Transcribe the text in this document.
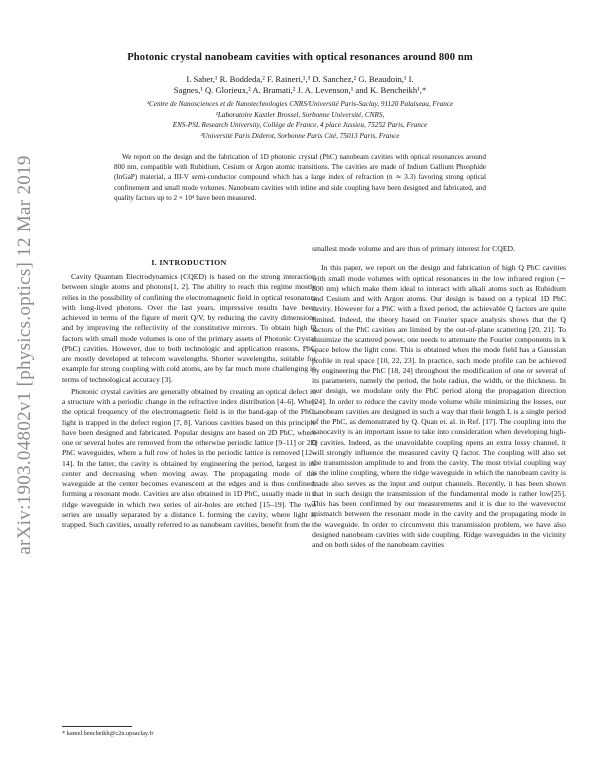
arXiv:1903.04802v1 [physics.optics] 12 Mar 2019
Photonic crystal nanobeam cavities with optical resonances around 800 nm
I. Saber,¹ R. Boddeda,² F. Raineri,¹,³ D. Sanchez,² G. Beaudoin,¹ I.
Sagnes,¹ Q. Glorieux,² A. Bramati,² J. A. Levenson,¹ and K. Bencheikh¹,*
¹Centre de Nanosciences et de Nanotechnologies CNRS/Université Paris-Saclay, 91120 Palaiseau, France
²Laboratoire Kastler Brossel, Sorbonne Université, CNRS,
ENS-PSL Research University, Collège de France, 4 place Jussieu, 75252 Paris, France
³Université Paris Diderot, Sorbonne Paris Cité, 75013 Paris, France

We report on the design and the fabrication of 1D photonic crystal (PhC) nanobeam cavities with optical resonances around 800 nm, compatible with Rubidium, Cesium or Argon atomic transitions. The cavities are made of Indium Gallium Phosphide (InGaP) material, a III-V semi-conductor compound which has a large index of refraction (n ≃ 3.3) favoring strong optical confinement and small mode volumes. Nanobeam cavities with inline and side coupling have been designed and fabricated, and quality factors up to 2 × 10⁴ have been measured.

I. INTRODUCTION

Cavity Quantum Electrodynamics (CQED) is based on the strong interaction between single atoms and photons[1, 2]. The ability to reach this regime mostly relies in the possibility of confining the electromagnetic field in optical resonators with long-lived photons. Over the last years, impressive results have been achieved in terms of the figure of merit Q/V, by reducing the cavity dimensions and by improving the reflectivity of the constitutive mirrors. To obtain high Q factors with small mode volumes is one of the primary assets of Photonic Crystal (PhC) cavities. However, due to both technologic and application reasons, PhC are mostly developed at telecom wavelengths. Shorter wavelengths, suitable for example for strong coupling with cold atoms, are by far much more challenging in terms of technological accuracy [3].

Photonic crystal cavities are generally obtained by creating an optical defect in a structure with a periodic change in the refractive index distribution [4–6]. When the optical frequency of the electromagnetic field is in the band-gap of the PhC, light is trapped in the defect region [7, 8]. Various cavities based on this principle have been designed and fabricated. Popular designs are based on 2D PhC, where one or several holes are removed from the otherwise periodic lattice [9–11] or 2D PhC waveguides, where a full row of holes in the periodic lattice is removed [12–14]. In the latter, the cavity is obtained by engineering the period, largest in its center and decreasing when moving away. The propagating mode of the waveguide at the center becomes evanescent at the edges and is thus confined, forming a resonant mode. Cavities are also obtained in 1D PhC, usually made in a ridge waveguide in which two series of air-holes are etched [15–19]. The two series are usually separated by a distance L forming the cavity, where light is trapped. Such cavities, usually referred to as nanobeam cavities, benefit from the

* kamel.bencheikh@c2n.upsaclay.fr

smallest mode volume and are thus of primary interest for CQED.

In this paper, we report on the design and fabrication of high Q PhC cavities with small mode volumes with optical resonances in the low infrared region (∼ 800 nm) which make them ideal to interact with alkali atoms such as Rubidium and Cesium and with Argon atoms. Our design is based on a typical 1D PhC cavity. However for a PhC with a fixed period, the achievable Q factors are quite limited. Indeed, the theory based on Fourier space analysis shows that the Q factors of the PhC cavities are limited by the out-of-plane scattering [20, 21]. To minimize the scattered power, one needs to attenuate the Fourier components in k space below the light cone. This is obtained when the mode field has a Gaussian profile in real space [10, 22, 23]. In practice, such mode profile can be achieved by engineering the PhC [18, 24] throughout the modification of one or several of its parameters, namely the period, the hole radius, the width, or the thickness. In our design, we modulate only the PhC period along the propagation direction [24]. In order to reduce the cavity mode volume while minimizing the losses, our nanobeam cavities are designed in such a way that their length L is a single period of the PhC, as demonstrated by Q. Quan et. al. in Ref. [17]. The coupling into the nanocavity is an important issue to take into consideration when developing high-Q cavities. Indeed, as the unavoidable coupling opens an extra lossy channel, it will strongly influence the measured cavity Q factor. The coupling will also set the transmission amplitude to and from the cavity. The most trivial coupling way is the inline coupling, where the ridge waveguide in which the nanobeam cavity is made also serves as the input and output channels. Recently, it has been shown that in such design the transmission of the fundamental mode is rather low[25]. This has been confirmed by our measurements and it is due to the wavevector mismatch between the resonant mode in the cavity and the propagating mode in the waveguide. In order to circumvent this transmission problem, we have also designed nanobeam cavities with side coupling. Ridge waveguides in the vicinity and on both sides of the nanobeam cavities
